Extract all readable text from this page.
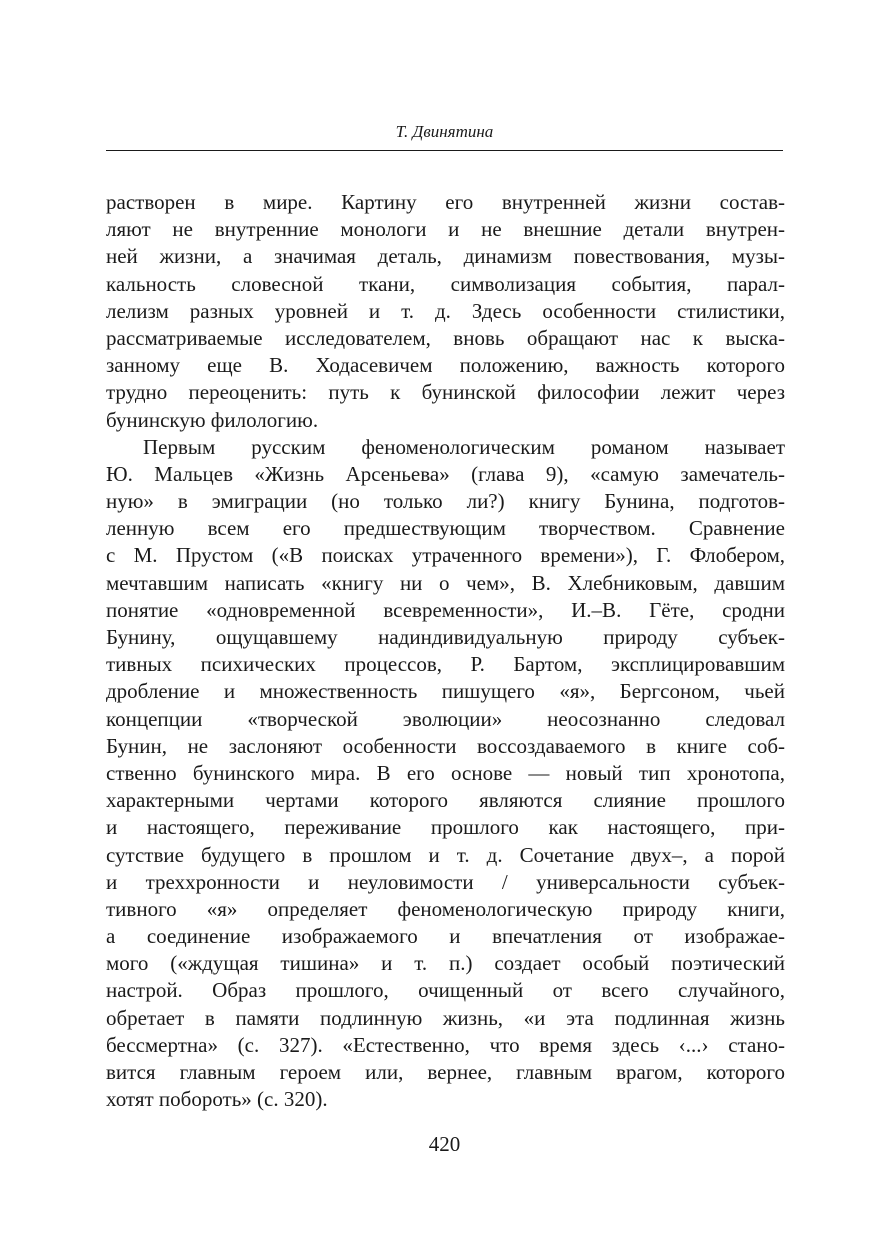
Т. Двинятина
растворен в мире. Картину его внутренней жизни состав-
ляют не внутренние монологи и не внешние детали внутрен-
ней жизни, а значимая деталь, динамизм повествования, музы-
кальность словесной ткани, символизация события, парал-
лелизм разных уровней и т. д. Здесь особенности стилистики,
рассматриваемые исследователем, вновь обращают нас к выска-
занному еще В. Ходасевичем положению, важность которого
трудно переоценить: путь к бунинской философии лежит через
бунинскую филологию.
Первым русским феноменологическим романом называет
Ю. Мальцев «Жизнь Арсеньева» (глава 9), «самую замечатель-
ную» в эмиграции (но только ли?) книгу Бунина, подготов-
ленную всем его предшествующим творчеством. Сравнение
с М. Прустом («В поисках утраченного времени»), Г. Флобером,
мечтавшим написать «книгу ни о чем», В. Хлебниковым, давшим
понятие «одновременной всевременности», И.–В. Гёте, сродни
Бунину, ощущавшему надиндивидуальную природу субъек-
тивных психических процессов, Р. Бартом, эксплицировавшим
дробление и множественность пишущего «я», Бергсоном, чьей
концепции «творческой эволюции» неосознанно следовал
Бунин, не заслоняют особенности воссоздаваемого в книге соб-
ственно бунинского мира. В его основе — новый тип хронотопа,
характерными чертами которого являются слияние прошлого
и настоящего, переживание прошлого как настоящего, при-
сутствие будущего в прошлом и т. д. Сочетание двух–, а порой
и трехxронности и неуловимости / универсальности субъек-
тивного «я» определяет феноменологическую природу книги,
а соединение изображаемого и впечатления от изображае-
мого («ждущая тишина» и т. п.) создает особый поэтический
настрой. Образ прошлого, очищенный от всего случайного,
обретает в памяти подлинную жизнь, «и эта подлинная жизнь
бессмертна» (с. 327). «Естественно, что время здесь ‹...› стано-
вится главным героем или, вернее, главным врагом, которого
хотят побороть» (с. 320).
420
